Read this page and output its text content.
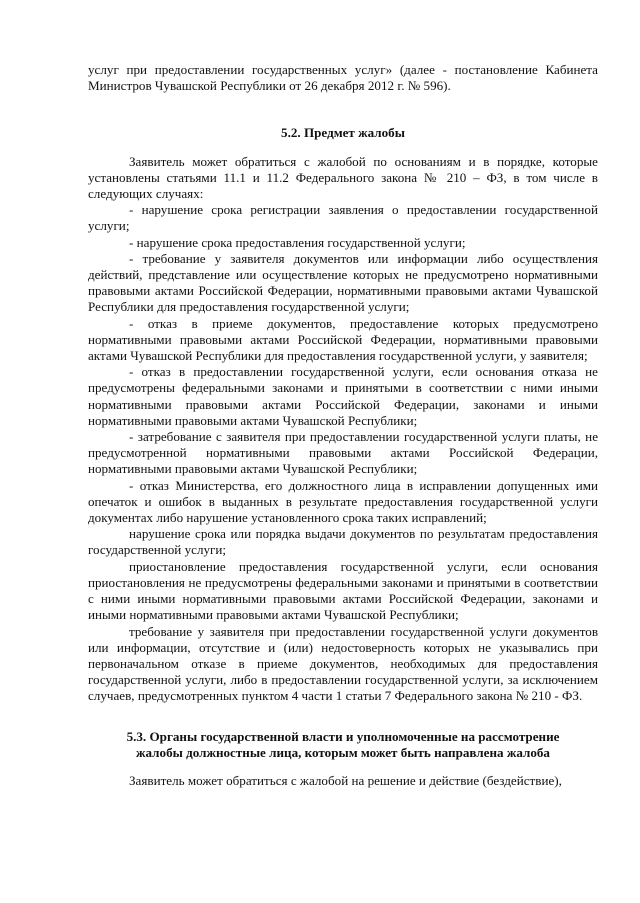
услуг при предоставлении государственных услуг» (далее - постановление Кабинета Министров Чувашской Республики от 26 декабря 2012 г. № 596).

5.2. Предмет жалобы

Заявитель может обратиться с жалобой по основаниям и в порядке, которые установлены статьями 11.1 и 11.2 Федерального закона № 210 – ФЗ, в том числе в следующих случаях:

- нарушение срока регистрации заявления о предоставлении государственной услуги;

- нарушение срока предоставления государственной услуги;

- требование у заявителя документов или информации либо осуществления действий, представление или осуществление которых не предусмотрено нормативными правовыми актами Российской Федерации, нормативными правовыми актами Чувашской Республики для предоставления государственной услуги;

- отказ в приеме документов, предоставление которых предусмотрено нормативными правовыми актами Российской Федерации, нормативными правовыми актами Чувашской Республики для предоставления государственной услуги, у заявителя;

- отказ в предоставлении государственной услуги, если основания отказа не предусмотрены федеральными законами и принятыми в соответствии с ними иными нормативными правовыми актами Российской Федерации, законами и иными нормативными правовыми актами Чувашской Республики;

- затребование с заявителя при предоставлении государственной услуги платы, не предусмотренной нормативными правовыми актами Российской Федерации, нормативными правовыми актами Чувашской Республики;

- отказ Министерства, его должностного лица в исправлении допущенных ими опечаток и ошибок в выданных в результате предоставления государственной услуги документах либо нарушение установленного срока таких исправлений;

нарушение срока или порядка выдачи документов по результатам предоставления государственной услуги;

приостановление предоставления государственной услуги, если основания приостановления не предусмотрены федеральными законами и принятыми в соответствии с ними иными нормативными правовыми актами Российской Федерации, законами и иными нормативными правовыми актами Чувашской Республики;

требование у заявителя при предоставлении государственной услуги документов или информации, отсутствие и (или) недостоверность которых не указывались при первоначальном отказе в приеме документов, необходимых для предоставления государственной услуги, либо в предоставлении государственной услуги, за исключением случаев, предусмотренных пунктом 4 части 1 статьи 7 Федерального закона № 210 - ФЗ.

5.3. Органы государственной власти и уполномоченные на рассмотрение

жалобы должностные лица, которым может быть направлена жалоба

Заявитель может обратиться с жалобой на решение и действие (бездействие),
